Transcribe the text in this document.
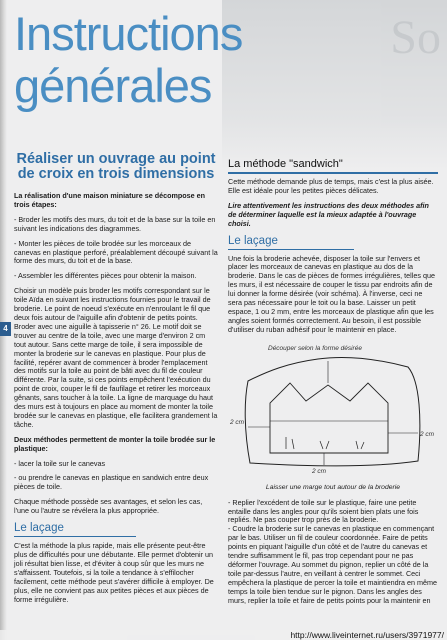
So
Instructions
générales
4
Réaliser un ouvrage au point de croix en trois dimensions

La réalisation d'une maison miniature se décompose en trois étapes:

- Broder les motifs des murs, du toit et de la base sur la toile en suivant les indications des diagrammes.

- Monter les pièces de toile brodée sur les morceaux de canevas en plastique perforé, préalablement découpé suivant la forme des murs, du toit et de la base.

- Assembler les différentes pièces pour obtenir la maison.

Choisir un modèle puis broder les motifs correspondant sur le toile Aïda en suivant les instructions fournies pour le travail de broderie. Le point de noeud s'exécute en n'enroulant le fil que deux fois autour de l'aiguille afin d'obtenir de petits points. Broder avec une aiguille à tapisserie n° 26. Le motif doit se trouver au centre de la toile, avec une marge d'environ 2 cm tout autour. Sans cette marge de toile, il sera impossible de monter la broderie sur le canevas en plastique. Pour plus de facilité, repérer avant de commencer à broder l'emplacement des motifs sur la toile au point de bâti avec du fil de couleur différente. Par la suite, si ces points empêchent l'exécution du point de croix, couper le fil de faufilage et retirer les morceaux gênants, sans toucher à la toile. La ligne de marquage du haut des murs est à toujours en place au moment de monter la toile brodée sur le canevas en plastique, elle facilitera grandement la tâche.

Deux méthodes permettent de monter la toile brodée sur le plastique:

- lacer la toile sur le canevas

- ou prendre le canevas en plastique en sandwich entre deux pièces de toile.

Chaque méthode possède ses avantages, et selon les cas, l'une ou l'autre se révélera la plus appropriée.

Le laçage

C'est la méthode la plus rapide, mais elle présente peut-être plus de difficultés pour une débutante. Elle permet d'obtenir un joli résultat bien lisse, et d'éviter à coup sûr que les murs ne s'affaissent. Toutefois, si la toile a tendance à s'effilocher facilement, cette méthode peut s'avérer difficile à employer. De plus, elle ne convient pas aux petites pièces et aux pièces de forme irrégulière.

La méthode "sandwich"

Cette méthode demande plus de temps, mais c'est la plus aisée. Elle est idéale pour les petites pièces délicates.

Lire attentivement les instructions des deux méthodes afin de déterminer laquelle est la mieux adaptée à l'ouvrage choisi.

Le laçage

Une fois la broderie achevée, disposer la toile sur l'envers et placer les morceaux de canevas en plastique au dos de la broderie. Dans le cas de pièces de formes irrégulières, telles que les murs, il est nécessaire de couper le tissu par endroits afin de lui donner la forme désirée (voir schéma). À l'inverse, ceci ne sera pas nécessaire pour le toit ou la base. Laisser un petit espace, 1 ou 2 mm, entre les morceaux de plastique afin que les angles soient formés correctement. Au besoin, il est possible d'utiliser du ruban adhésif pour le maintenir en place.

Découper selon la forme désirée
2 cm
2 cm
2 cm

Laisser une marge tout autour de la broderie

- Replier l'excédent de toile sur le plastique, faire une petite entaille dans les angles pour qu'ils soient bien plats une fois repliés. Ne pas couper trop près de la broderie.
- Coudre la broderie sur le canevas en plastique en commençant par le bas. Utiliser un fil de couleur coordonnée. Faire de petits points en piquant l'aiguille d'un côté et de l'autre du canevas et tendre suffisamment le fil, pas trop cependant pour ne pas déformer l'ouvrage. Au sommet du pignon, replier un côté de la toile par-dessus l'autre, en veillant à centrer le sommet. Ceci empêchera la plastique de percer la toile et maintiendra en même temps la toile bien tendue sur le pignon. Dans les angles des murs, replier la toile et faire de petits points pour la maintenir en

http://www.liveinternet.ru/users/3971977/
